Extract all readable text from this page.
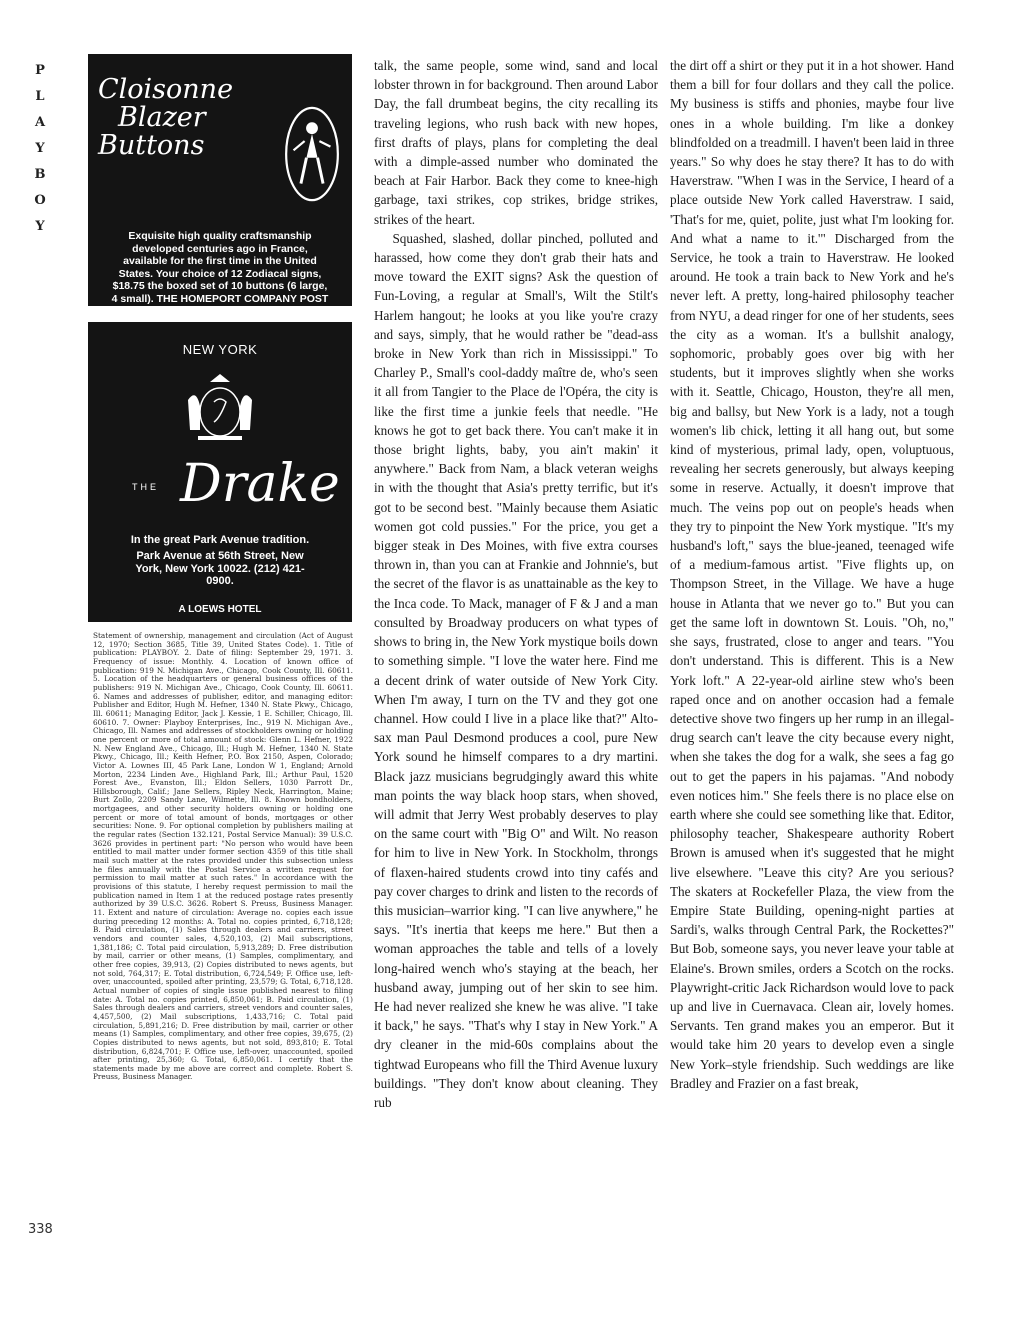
P
L
A
Y
B
O
Y
Cloisonne
Blazer
Buttons
Exquisite high quality craftsmanship developed centuries ago in France, available for the first time in the United States. Your choice of 12 Zodiacal signs, $18.75 the boxed set of 10 buttons (6 large, 4 small). THE HOMEPORT COMPANY POST OFFICE BOX 1750 ANNAPOLIS,
NEW YORK
THE Drake
In the great Park Avenue tradition.
Park Avenue at 56th Street, New York, New York 10022. (212) 421-0900.
A LOEWS HOTEL
Statement of ownership, management and circulation (Act of August 12, 1970; Section 3685, Title 39, United States Code). 1. Title of publication: PLAYBOY. 2. Date of filing: September 29, 1971. 3. Frequency of issue: Monthly. 4. Location of known office of publication: 919 N. Michigan Ave., Chicago, Cook County, Ill. 60611. 5. Location of the headquarters or general business offices of the publishers: 919 N. Michigan Ave., Chicago, Cook County, Ill. 60611. 6. Names and addresses of publisher, editor, and managing editor: Publisher and Editor, Hugh M. Hefner, 1340 N. State Pkwy., Chicago, Ill. 60611; Managing Editor, Jack J. Kessie, 1 E. Schiller, Chicago, Ill. 60610. 7. Owner: Playboy Enterprises, Inc., 919 N. Michigan Ave., Chicago, Ill. Names and addresses of stockholders owning or holding one percent or more of total amount of stock: Glenn L. Hefner, 1922 N. New England Ave., Chicago, Ill.; Hugh M. Hefner, 1340 N. State Pkwy., Chicago, Ill.; Keith Hefner, P.O. Box 2150, Aspen, Colorado; Victor A. Lownes III, 45 Park Lane, London W 1, England; Arnold Morton, 2234 Linden Ave., Highland Park, Ill.; Arthur Paul, 1520 Forest Ave., Evanston, Ill.; Eldon Sellers, 1030 Parrott Dr., Hillsborough, Calif.; Jane Sellers, Ripley Neck, Harrington, Maine; Burt Zollo, 2209 Sandy Lane, Wilmette, Ill. 8. Known bondholders, mortgagees, and other security holders owning or holding one percent or more of total amount of bonds, mortgages or other securities: None. 9. For optional completion by publishers mailing at the regular rates (Section 132.121, Postal Service Manual): 39 U.S.C. 3626 provides in pertinent part: "No person who would have been entitled to mail matter under former section 4359 of this title shall mail such matter at the rates provided under this subsection unless he files annually with the Postal Service a written request for permission to mail matter at such rates." In accordance with the provisions of this statute, I hereby request permission to mail the publication named in Item 1 at the reduced postage rates presently authorized by 39 U.S.C. 3626. Robert S. Preuss, Business Manager. 11. Extent and nature of circulation: Average no. copies each issue during preceding 12 months: A. Total no. copies printed, 6,718,128; B. Paid circulation, (1) Sales through dealers and carriers, street vendors and counter sales, 4,520,103, (2) Mail subscriptions, 1,381,186; C. Total paid circulation, 5,913,289; D. Free distribution by mail, carrier or other means, (1) Samples, complimentary, and other free copies, 39,913, (2) Copies distributed to news agents, but not sold, 764,317; E. Total distribution, 6,724,549; F. Office use, left-over, unaccounted, spoiled after printing, 23,579; G. Total, 6,718,128. Actual number of copies of single issue published nearest to filing date: A. Total no. copies printed, 6,850,061; B. Paid circulation, (1) Sales through dealers and carriers, street vendors and counter sales, 4,457,500, (2) Mail subscriptions, 1,433,716; C. Total paid circulation, 5,891,216; D. Free distribution by mail, carrier or other means (1) Samples, complimentary, and other free copies, 39,675, (2) Copies distributed to news agents, but not sold, 893,810; E. Total distribution, 6,824,701; F. Office use, left-over, unaccounted, spoiled after printing, 25,360; G. Total, 6,850,061. I certify that the statements made by me above are correct and complete. Robert S. Preuss, Business Manager.

talk, the same people, some wind, sand and local lobster thrown in for background. Then around Labor Day, the fall drumbeat begins, the city recalling its traveling legions, who rush back with new hopes, first drafts of plays, plans for completing the deal with a dimple-assed number who dominated the beach at Fair Harbor. Back they come to knee-high garbage, taxi strikes, cop strikes, bridge strikes, strikes of the heart.

Squashed, slashed, dollar pinched, polluted and harassed, how come they don't grab their hats and move toward the EXIT signs? Ask the question of Fun-Loving, a regular at Small's, Wilt the Stilt's Harlem hangout; he looks at you like you're crazy and says, simply, that he would rather be "dead-ass broke in New York than rich in Mississippi." To Charley P., Small's cool-daddy maître de, who's seen it all from Tangier to the Place de l'Opéra, the city is like the first time a junkie feels that needle. "He knows he got to get back there. You can't make it in those bright lights, baby, you ain't makin' it anywhere." Back from Nam, a black veteran weighs in with the thought that Asia's pretty terrific, but it's got to be second best. "Mainly because them Asiatic women got cold pussies." For the price, you get a bigger steak in Des Moines, with five extra courses thrown in, than you can at Frankie and Johnnie's, but the secret of the flavor is as unattainable as the key to the Inca code. To Mack, manager of F & J and a man consulted by Broadway producers on what types of shows to bring in, the New York mystique boils down to something simple. "I love the water here. Find me a decent drink of water outside of New York City. When I'm away, I turn on the TV and they got one channel. How could I live in a place like that?" Alto-sax man Paul Desmond produces a cool, pure New York sound he himself compares to a dry martini. Black jazz musicians begrudgingly award this white man points the way black hoop stars, when shoved, will admit that Jerry West probably deserves to play on the same court with "Big O" and Wilt. No reason for him to live in New York. In Stockholm, throngs of flaxen-haired students crowd into tiny cafés and pay cover charges to drink and listen to the records of this musician–warrior king. "I can live anywhere," he says. "It's inertia that keeps me here." But then a woman approaches the table and tells of a lovely long-haired wench who's staying at the beach, her husband away, jumping out of her skin to see him. He had never realized she knew he was alive. "I take it back," he says. "That's why I stay in New York." A dry cleaner in the mid-60s complains about the tightwad Europeans who fill the Third Avenue luxury buildings. "They don't know about cleaning. They rub

the dirt off a shirt or they put it in a hot shower. Hand them a bill for four dollars and they call the police. My business is stiffs and phonies, maybe four live ones in a whole building. I'm like a donkey blindfolded on a treadmill. I haven't been laid in three years." So why does he stay there? It has to do with Haverstraw. "When I was in the Service, I heard of a place outside New York called Haverstraw. I said, 'That's for me, quiet, polite, just what I'm looking for. And what a name to it.'" Discharged from the Service, he took a train to Haverstraw. He looked around. He took a train back to New York and he's never left. A pretty, long-haired philosophy teacher from NYU, a dead ringer for one of her students, sees the city as a woman. It's a bullshit analogy, sophomoric, probably goes over big with her students, but it improves slightly when she works with it. Seattle, Chicago, Houston, they're all men, big and ballsy, but New York is a lady, not a tough women's lib chick, letting it all hang out, but some kind of mysterious, primal lady, open, voluptuous, revealing her secrets generously, but always keeping some in reserve. Actually, it doesn't improve that much. The veins pop out on people's heads when they try to pinpoint the New York mystique. "It's my husband's loft," says the blue-jeaned, teenaged wife of a medium-famous artist. "Five flights up, on Thompson Street, in the Village. We have a huge house in Atlanta that we never go to." But you can get the same loft in downtown St. Louis. "Oh, no," she says, frustrated, close to anger and tears. "You don't understand. This is different. This is a New York loft." A 22-year-old airline stew who's been raped once and on another occasion had a female detective shove two fingers up her rump in an illegal-drug search can't leave the city because every night, when she takes the dog for a walk, she sees a fag go out to get the papers in his pajamas. "And nobody even notices him." She feels there is no place else on earth where she could see something like that. Editor, philosophy teacher, Shakespeare authority Robert Brown is amused when it's suggested that he might live elsewhere. "Leave this city? Are you serious? The skaters at Rockefeller Plaza, the view from the Empire State Building, opening-night parties at Sardi's, walks through Central Park, the Rockettes?" But Bob, someone says, you never leave your table at Elaine's. Brown smiles, orders a Scotch on the rocks. Playwright-critic Jack Richardson would love to pack up and live in Cuernavaca. Clean air, lovely homes. Servants. Ten grand makes you an emperor. But it would take him 20 years to develop even a single New York–style friendship. Such weddings are like Bradley and Frazier on a fast break,

338
